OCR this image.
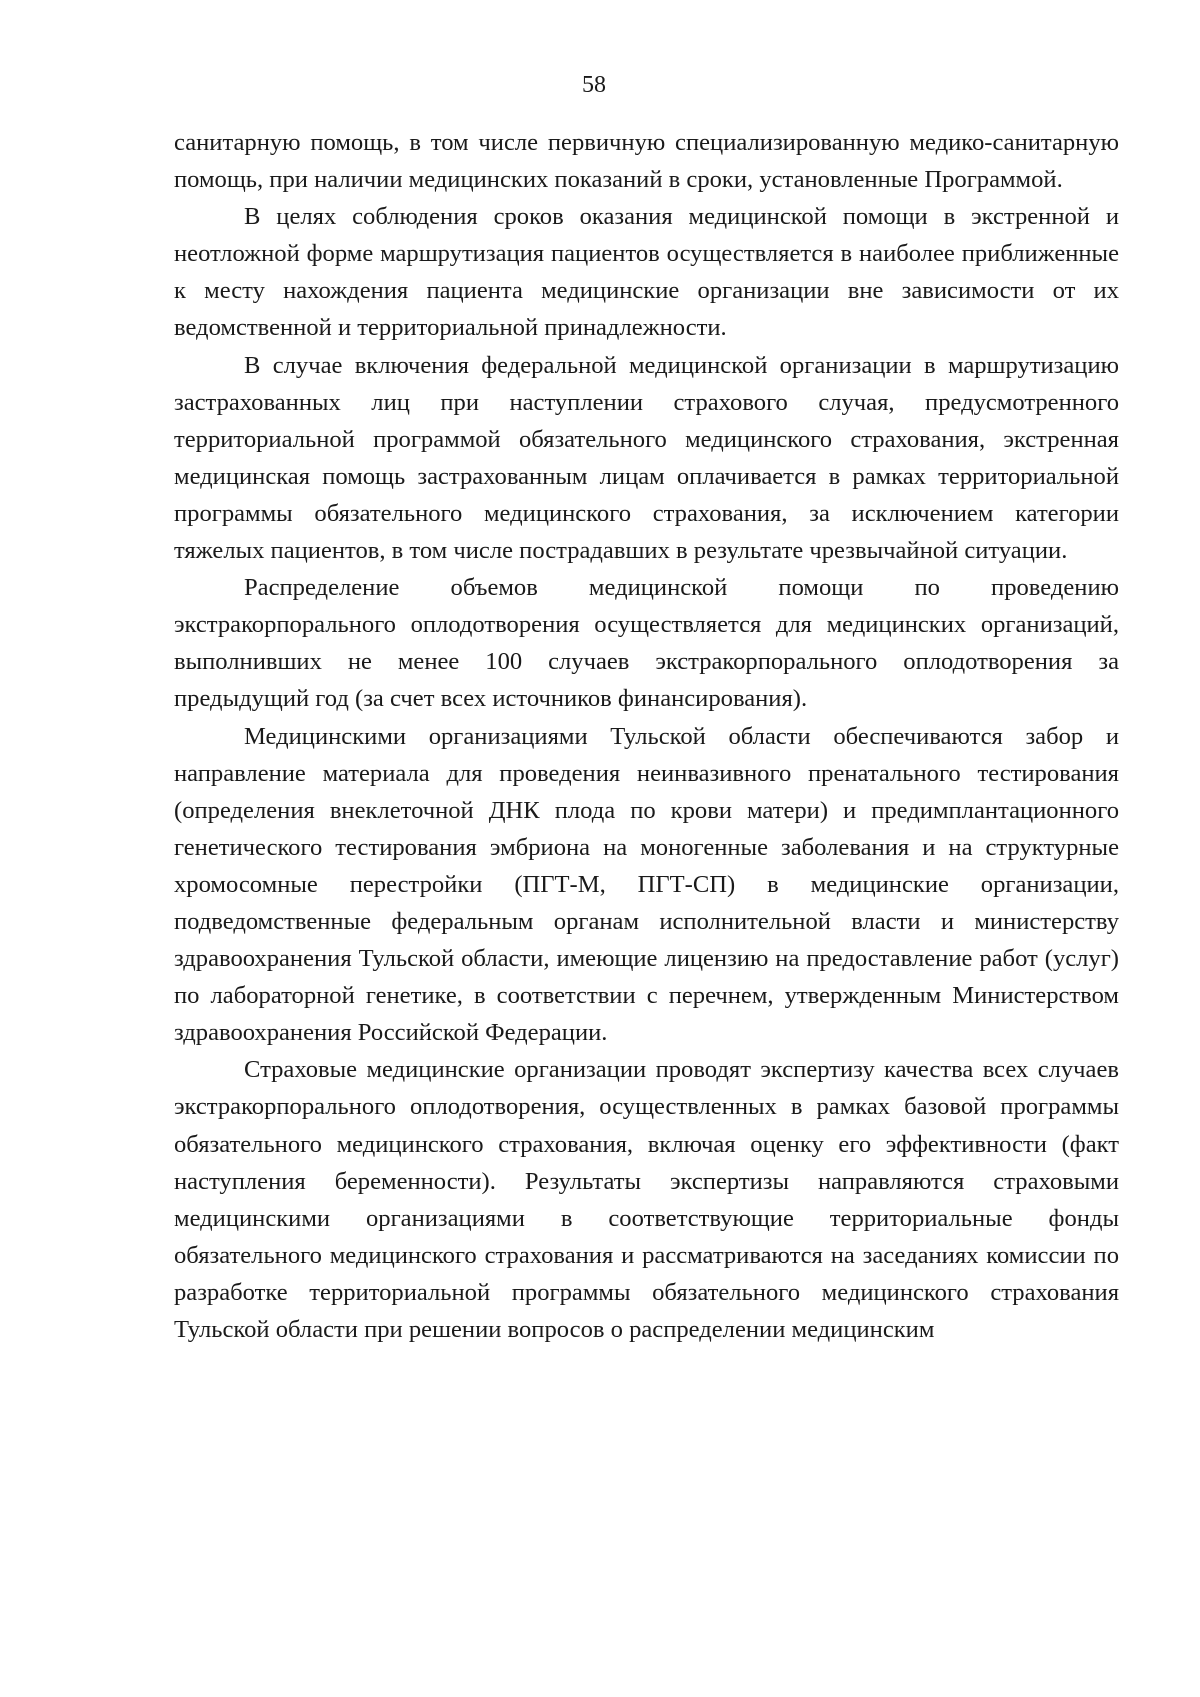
58

санитарную помощь, в том числе первичную специализированную медико-санитарную помощь, при наличии медицинских показаний в сроки, установленные Программой.

В целях соблюдения сроков оказания медицинской помощи в экстренной и неотложной форме маршрутизация пациентов осуществляется в наиболее приближенные к месту нахождения пациента медицинские организации вне зависимости от их ведомственной и территориальной принадлежности.

В случае включения федеральной медицинской организации в маршрутизацию застрахованных лиц при наступлении страхового случая, предусмотренного территориальной программой обязательного медицинского страхования, экстренная медицинская помощь застрахованным лицам оплачивается в рамках территориальной программы обязательного медицинского страхования, за исключением категории тяжелых пациентов, в том числе пострадавших в результате чрезвычайной ситуации.

Распределение объемов медицинской помощи по проведению экстракорпорального оплодотворения осуществляется для медицинских организаций, выполнивших не менее 100 случаев экстракорпорального оплодотворения за предыдущий год (за счет всех источников финансирования).

Медицинскими организациями Тульской области обеспечиваются забор и направление материала для проведения неинвазивного пренатального тестирования (определения внеклеточной ДНК плода по крови матери) и предимплантационного генетического тестирования эмбриона на моногенные заболевания и на структурные хромосомные перестройки (ПГТ-М, ПГТ-СП) в медицинские организации, подведомственные федеральным органам исполнительной власти и министерству здравоохранения Тульской области, имеющие лицензию на предоставление работ (услуг) по лабораторной генетике, в соответствии с перечнем, утвержденным Министерством здравоохранения Российской Федерации.

Страховые медицинские организации проводят экспертизу качества всех случаев экстракорпорального оплодотворения, осуществленных в рамках базовой программы обязательного медицинского страхования, включая оценку его эффективности (факт наступления беременности). Результаты экспертизы направляются страховыми медицинскими организациями в соответствующие территориальные фонды обязательного медицинского страхования и рассматриваются на заседаниях комиссии по разработке территориальной программы обязательного медицинского страхования Тульской области при решении вопросов о распределении медицинским
